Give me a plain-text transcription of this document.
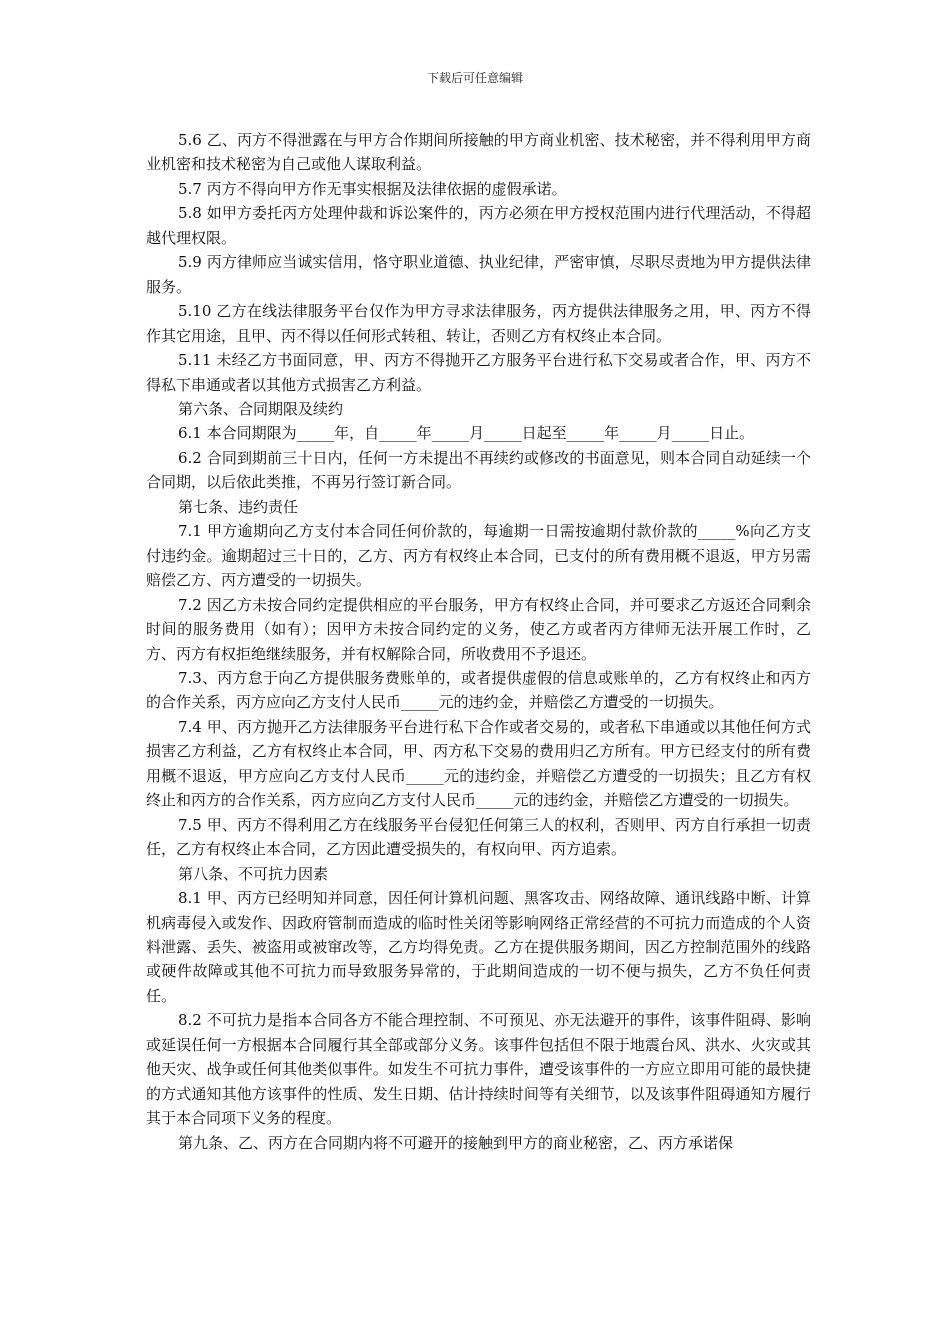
下载后可任意编辑

5.6 乙、丙方不得泄露在与甲方合作期间所接触的甲方商业机密、技术秘密，并不得利用甲方商业机密和技术秘密为自己或他人谋取利益。

5.7 丙方不得向甲方作无事实根据及法律依据的虚假承诺。

5.8 如甲方委托丙方处理仲裁和诉讼案件的，丙方必须在甲方授权范围内进行代理活动，不得超越代理权限。

5.9 丙方律师应当诚实信用，恪守职业道德、执业纪律，严密审慎，尽职尽责地为甲方提供法律服务。

5.10 乙方在线法律服务平台仅作为甲方寻求法律服务，丙方提供法律服务之用，甲、丙方不得作其它用途，且甲、丙不得以任何形式转租、转让，否则乙方有权终止本合同。

5.11 未经乙方书面同意，甲、丙方不得抛开乙方服务平台进行私下交易或者合作，甲、丙方不得私下串通或者以其他方式损害乙方利益。

第六条、合同期限及续约

6.1 本合同期限为_____年，自_____年_____月_____日起至_____年_____月_____日止。

6.2 合同到期前三十日内，任何一方未提出不再续约或修改的书面意见，则本合同自动延续一个合同期，以后依此类推，不再另行签订新合同。

第七条、违约责任

7.1 甲方逾期向乙方支付本合同任何价款的，每逾期一日需按逾期付款价款的_____%向乙方支付违约金。逾期超过三十日的，乙方、丙方有权终止本合同，已支付的所有费用概不退返，甲方另需赔偿乙方、丙方遭受的一切损失。

7.2 因乙方未按合同约定提供相应的平台服务，甲方有权终止合同，并可要求乙方返还合同剩余时间的服务费用（如有）；因甲方未按合同约定的义务，使乙方或者丙方律师无法开展工作时，乙方、丙方有权拒绝继续服务，并有权解除合同，所收费用不予退还。

7.3、丙方怠于向乙方提供服务费账单的，或者提供虚假的信息或账单的，乙方有权终止和丙方的合作关系，丙方应向乙方支付人民币_____元的违约金，并赔偿乙方遭受的一切损失。

7.4 甲、丙方抛开乙方法律服务平台进行私下合作或者交易的，或者私下串通或以其他任何方式损害乙方利益，乙方有权终止本合同，甲、丙方私下交易的费用归乙方所有。甲方已经支付的所有费用概不退返，甲方应向乙方支付人民币_____元的违约金，并赔偿乙方遭受的一切损失；且乙方有权终止和丙方的合作关系，丙方应向乙方支付人民币_____元的违约金，并赔偿乙方遭受的一切损失。

7.5 甲、丙方不得利用乙方在线服务平台侵犯任何第三人的权利，否则甲、丙方自行承担一切责任，乙方有权终止本合同，乙方因此遭受损失的，有权向甲、丙方追索。

第八条、不可抗力因素

8.1 甲、丙方已经明知并同意，因任何计算机问题、黑客攻击、网络故障、通讯线路中断、计算机病毒侵入或发作、因政府管制而造成的临时性关闭等影响网络正常经营的不可抗力而造成的个人资料泄露、丢失、被盗用或被窜改等，乙方均得免责。乙方在提供服务期间，因乙方控制范围外的线路或硬件故障或其他不可抗力而导致服务异常的，于此期间造成的一切不便与损失，乙方不负任何责任。

8.2 不可抗力是指本合同各方不能合理控制、不可预见、亦无法避开的事件，该事件阻碍、影响或延误任何一方根据本合同履行其全部或部分义务。该事件包括但不限于地震台风、洪水、火灾或其他天灾、战争或任何其他类似事件。如发生不可抗力事件，遭受该事件的一方应立即用可能的最快捷的方式通知其他方该事件的性质、发生日期、估计持续时间等有关细节，以及该事件阻碍通知方履行其于本合同项下义务的程度。

第九条、乙、丙方在合同期内将不可避开的接触到甲方的商业秘密，乙、丙方承诺保
